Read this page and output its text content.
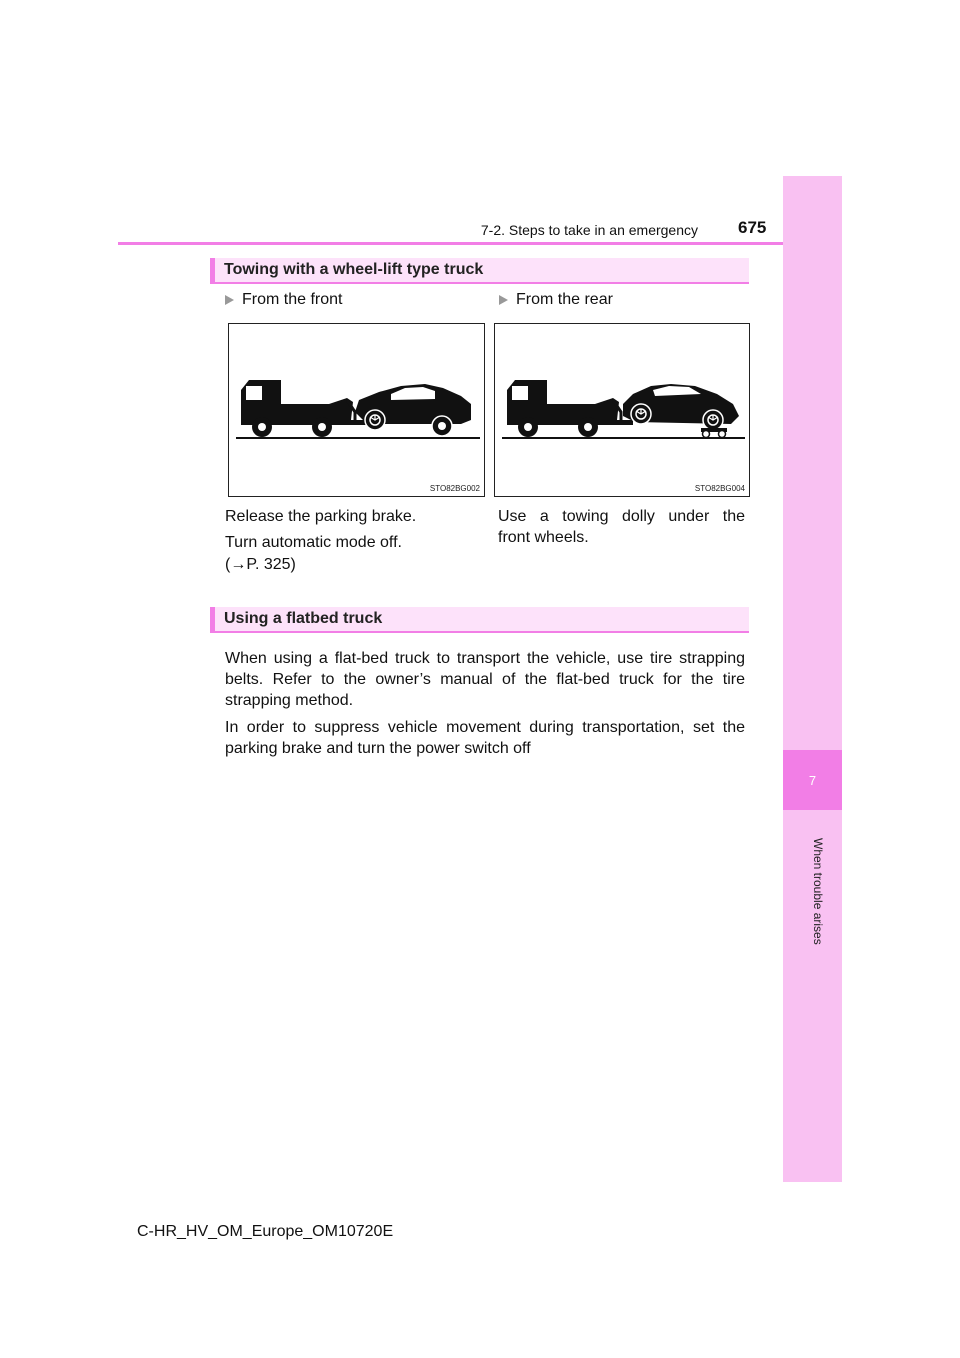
7-2. Steps to take in an emergency 675
7
When trouble arises
Towing with a wheel-lift type truck
From the front	From the rear
STO82BG002	STO82BG004
Release the parking brake.
Turn automatic mode off.
(→P. 325)
Use a towing dolly under the
front wheels.
Using a flatbed truck
When using a flat-bed truck to transport the vehicle, use tire strapping belts. Refer to the owner’s manual of the flat-bed truck for the tire strapping method.
In order to suppress vehicle movement during transportation, set the parking brake and turn the power switch off
C-HR_HV_OM_Europe_OM10720E
